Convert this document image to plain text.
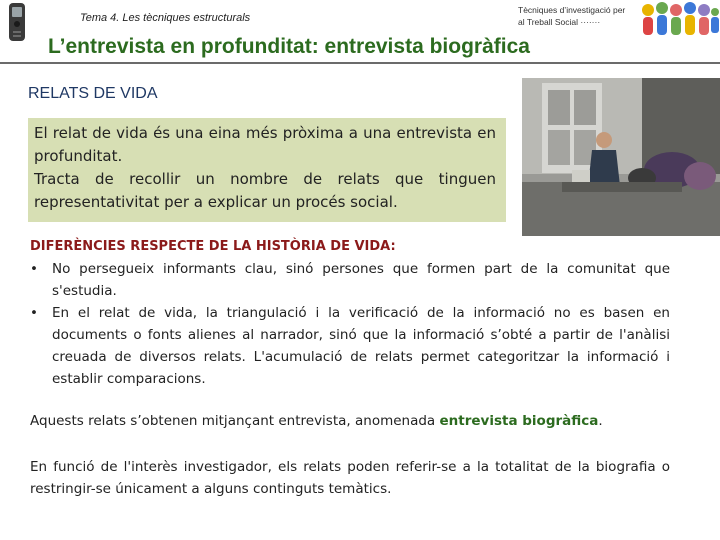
Tema 4. Les tècniques estructurals
Tècniques d’investigació per
al Treball Social ·······
L’entrevista en profunditat: entrevista biogràfica
RELATS DE VIDA

El relat de vida és una eina més pròxima a una entrevista en profunditat.

Tracta de recollir un nombre de relats que tinguen representativitat per a explicar un procés social.

DIFERÈNCIES RESPECTE DE LA HISTÒRIA DE VIDA:
• No persegueix informants clau, sinó persones que formen part de la comunitat que s'estudia.
• En el relat de vida, la triangulació i la verificació de la informació no es basen en documents o fonts alienes al narrador, sinó que la informació s’obté a partir de l'anàlisi creuada de diversos relats. L'acumulació de relats permet categoritzar la informació i establir comparacions.
Aquests relats s’obtenen mitjançant entrevista, anomenada entrevista biogràfica.
En funció de l'interès investigador, els relats poden referir-se a la totalitat de la biografia o restringir-se únicament a alguns continguts temàtics.
